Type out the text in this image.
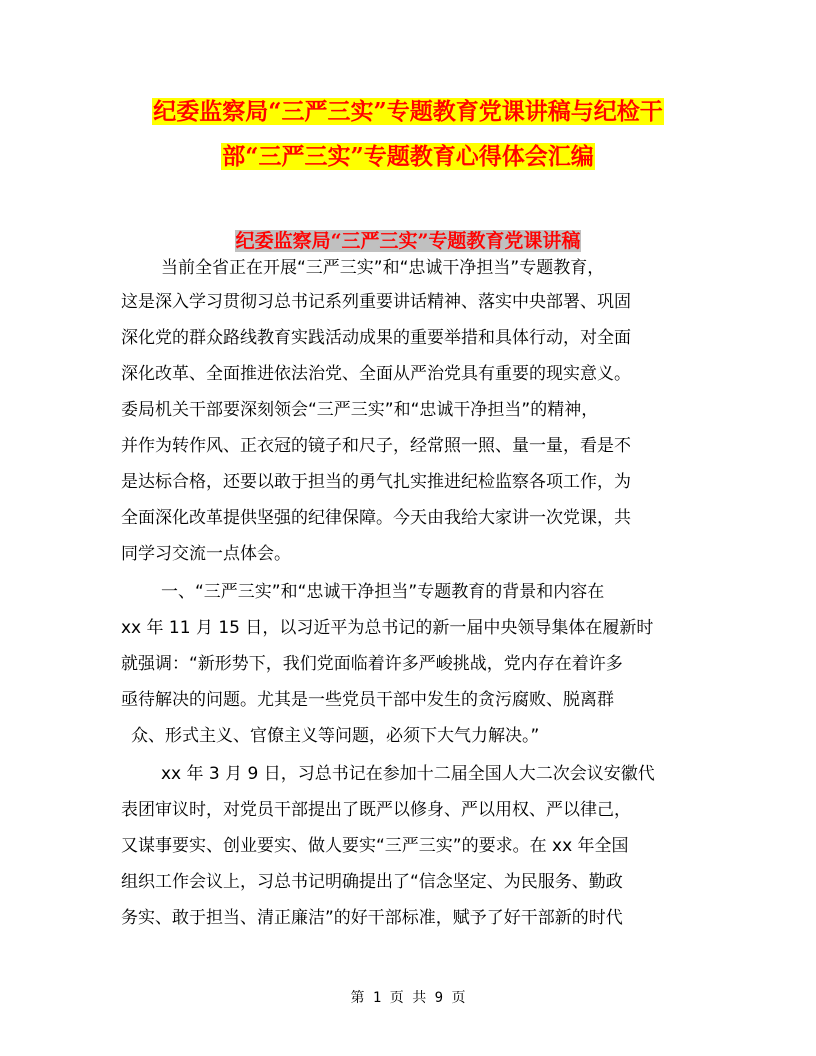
纪委监察局“三严三实”专题教育党课讲稿与纪检干
部“三严三实”专题教育心得体会汇编
纪委监察局“三严三实”专题教育党课讲稿
当前全省正在开展“三严三实”和“忠诚干净担当”专题教育，
这是深入学习贯彻习总书记系列重要讲话精神、落实中央部署、巩固
深化党的群众路线教育实践活动成果的重要举措和具体行动，对全面
深化改革、全面推进依法治党、全面从严治党具有重要的现实意义。
委局机关干部要深刻领会“三严三实”和“忠诚干净担当”的精神，
并作为转作风、正衣冠的镜子和尺子，经常照一照、量一量，看是不
是达标合格，还要以敢于担当的勇气扎实推进纪检监察各项工作，为
全面深化改革提供坚强的纪律保障。今天由我给大家讲一次党课，共
同学习交流一点体会。
一、“三严三实”和“忠诚干净担当”专题教育的背景和内容在
xx 年 11 月 15 日，以习近平为总书记的新一届中央领导集体在履新时
就强调：“新形势下，我们党面临着许多严峻挑战，党内存在着许多
亟待解决的问题。尤其是一些党员干部中发生的贪污腐败、脱离群
众、形式主义、官僚主义等问题，必须下大气力解决。”
xx 年 3 月 9 日，习总书记在参加十二届全国人大二次会议安徽代
表团审议时，对党员干部提出了既严以修身、严以用权、严以律己，
又谋事要实、创业要实、做人要实“三严三实”的要求。在 xx 年全国
组织工作会议上，习总书记明确提出了“信念坚定、为民服务、勤政
务实、敢于担当、清正廉洁”的好干部标准，赋予了好干部新的时代
第 1 页 共 9 页
